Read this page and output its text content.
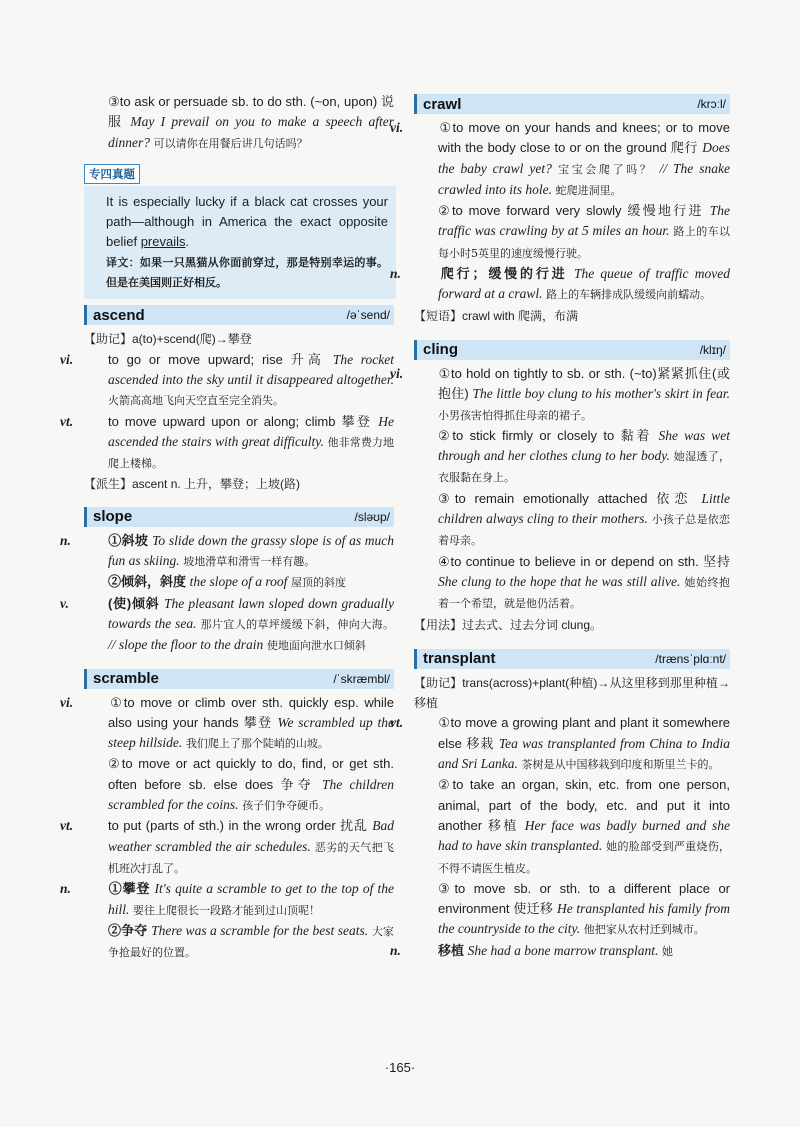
③to ask or persuade sb. to do sth. (~on, upon) 说服 May I prevail on you to make a speech after dinner? 可以请你在用餐后讲几句话吗？

专四真题

It is especially lucky if a black cat crosses your path—although in America the exact opposite belief prevails.

译文：如果一只黑猫从你面前穿过，那是特别幸运的事。但是在美国则正好相反。

ascend	/əˈsend/

【助记】a(to)+scend(爬)→攀登

vi.	to go or move upward; rise 升高 The rocket ascended into the sky until it disappeared altogether. 火箭高高地飞向天空直至完全消失。

vt.	to move upward upon or along; climb 攀登 He ascended the stairs with great difficulty. 他非常费力地爬上楼梯。

【派生】ascent n. 上升，攀登；上坡(路)

slope	/sləʊp/

n.	①斜坡 To slide down the grassy slope is of as much fun as skiing. 坡地滑草和滑雪一样有趣。

②倾斜，斜度 the slope of a roof 屋顶的斜度

v.	(使)倾斜 The pleasant lawn sloped down gradually towards the sea. 那片宜人的草坪缓缓下斜，伸向大海。 // slope the floor to the drain 使地面向泄水口倾斜

scramble	/ˈskræmbl/

vi.	①to move or climb over sth. quickly esp. while also using your hands 攀登 We scrambled up the steep hillside. 我们爬上了那个陡峭的山坡。

②to move or act quickly to do, find, or get sth. often before sb. else does 争夺 The children scrambled for the coins. 孩子们争夺硬币。

vt.	to put (parts of sth.) in the wrong order 扰乱 Bad weather scrambled the air schedules. 恶劣的天气把飞机班次打乱了。

n.	①攀登 It's quite a scramble to get to the top of the hill. 要往上爬很长一段路才能到过山顶呢！

②争夺 There was a scramble for the best seats. 大家争抢最好的位置。

crawl	/krɔːl/

vi.	①to move on your hands and knees; or to move with the body close to or on the ground 爬行 Does the baby crawl yet? 宝宝会爬了吗？ // The snake crawled into its hole. 蛇爬进洞里。

②to move forward very slowly 缓慢地行进 The traffic was crawling by at 5 miles an hour. 路上的车以每小时5英里的速度缓慢行驶。

n.	爬行；缓慢的行进 The queue of traffic moved forward at a crawl. 路上的车辆排成队缓缓向前蠕动。

【短语】crawl with 爬满，布满

cling	/klɪŋ/

vi.	①to hold on tightly to sb. or sth. (~to)紧紧抓住(或抱住) The little boy clung to his mother's skirt in fear. 小男孩害怕得抓住母亲的裙子。

②to stick firmly or closely to 黏着 She was wet through and her clothes clung to her body. 她湿透了，衣服黏在身上。

③to remain emotionally attached 依恋 Little children always cling to their mothers. 小孩子总是依恋着母亲。

④to continue to believe in or depend on sth. 坚持 She clung to the hope that he was still alive. 她始终抱着一个希望，就是他仍活着。

【用法】过去式、过去分词 clung。

transplant	/trænsˈplɑːnt/

【助记】trans(across)+plant(种植)→从这里移到那里种植→移植

vt.	①to move a growing plant and plant it somewhere else 移栽 Tea was transplanted from China to India and Sri Lanka. 茶树是从中国移栽到印度和斯里兰卡的。

②to take an organ, skin, etc. from one person, animal, part of the body, etc. and put it into another 移植 Her face was badly burned and she had to have skin transplanted. 她的脸部受到严重烧伤，不得不请医生植皮。

③to move sb. or sth. to a different place or environment 使迁移 He transplanted his family from the countryside to the city. 他把家从农村迁到城市。

n.	移植 She had a bone marrow transplant. 她

·165·
